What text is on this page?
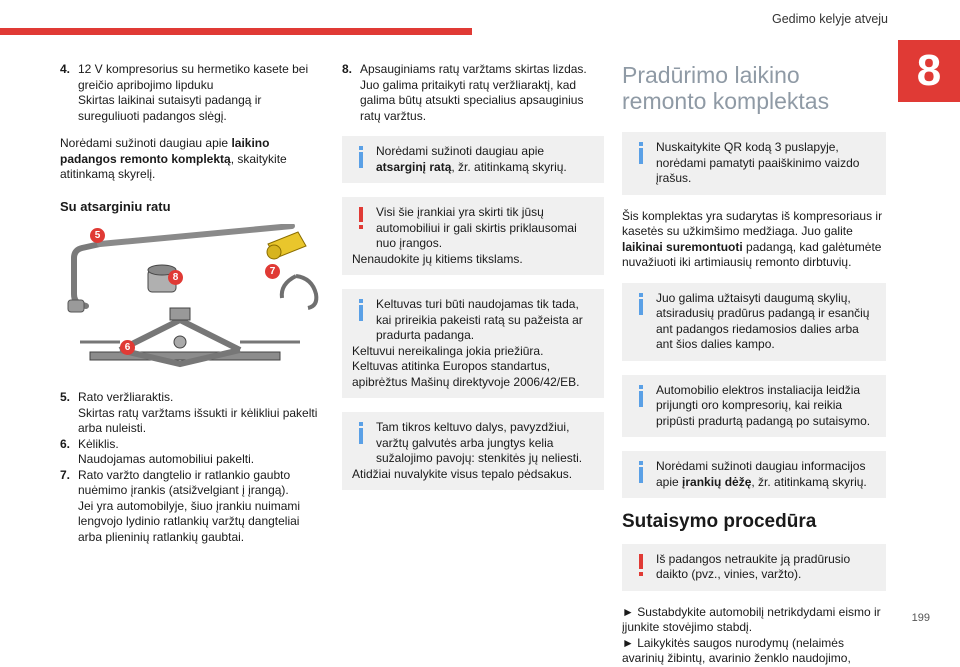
Gedimo kelyje atveju
8
199
4. 12 V kompresorius su hermetiko kasete bei greičio apribojimo lipduku
Skirtas laikinai sutaisyti padangą ir sureguliuoti padangos slėgį.

Norėdami sužinoti daugiau apie laikino padangos remonto komplektą, skaitykite atitinkamą skyrelį.

Su atsarginiu ratu
5
8
7
6
5. Rato veržliaraktis.
Skirtas ratų varžtams išsukti ir kėlikliui pakelti arba nuleisti.
6. Kėliklis.
Naudojamas automobiliui pakelti.
7. Rato varžto dangtelio ir ratlankio gaubto nuėmimo įrankis (atsižvelgiant į įrangą).
Jei yra automobilyje, šiuo įrankiu nuimami lengvojo lydinio ratlankių varžtų dangteliai arba plieninių ratlankių gaubtai.
8. Apsauginiams ratų varžtams skirtas lizdas.
Juo galima pritaikyti ratų veržliaraktį, kad galima būtų atsukti specialius apsauginius ratų varžtus.
Norėdami sužinoti daugiau apie atsarginį ratą, žr. atitinkamą skyrių.
Visi šie įrankiai yra skirti tik jūsų automobiliui ir gali skirtis priklausomai nuo įrangos.
Nenaudokite jų kitiems tikslams.
Keltuvas turi būti naudojamas tik tada, kai prireikia pakeisti ratą su pažeista ar pradurta padanga.
Keltuvui nereikalinga jokia priežiūra.
Keltuvas atitinka Europos standartus, apibrėžtus Mašinų direktyvoje 2006/42/EB.
Tam tikros keltuvo dalys, pavyzdžiui, varžtų galvutės arba jungtys kelia sužalojimo pavojų: stenkitės jų neliesti.
Atidžiai nuvalykite visus tepalo pėdsakus.
Pradūrimo laikino remonto komplektas
Nuskaitykite QR kodą 3 puslapyje, norėdami pamatyti paaiškinimo vaizdo įrašus.

Šis komplektas yra sudarytas iš kompresoriaus ir kasetės su užkimšimo medžiaga. Juo galite laikinai suremontuoti padangą, kad galėtumėte nuvažiuoti iki artimiausių remonto dirbtuvių.

Juo galima užtaisyti daugumą skylių, atsiradusių pradūrus padangą ir esančių ant padangos riedamosios dalies arba ant šios dalies kampo.
Automobilio elektros instaliacija leidžia prijungti oro kompresorių, kai reikia pripūsti pradurtą padangą po sutaisymo.
Norėdami sužinoti daugiau informacijos apie įrankių dėžę, žr. atitinkamą skyrių.
Sutaisymo procedūra
Iš padangos netraukite ją pradūrusio daikto (pvz., vinies, varžto).
► Sustabdykite automobilį netrikdydami eismo ir įjunkite stovėjimo stabdį.
► Laikykitės saugos nurodymų (nelaimės avarinių žibintų, avarinio ženklo naudojimo,
